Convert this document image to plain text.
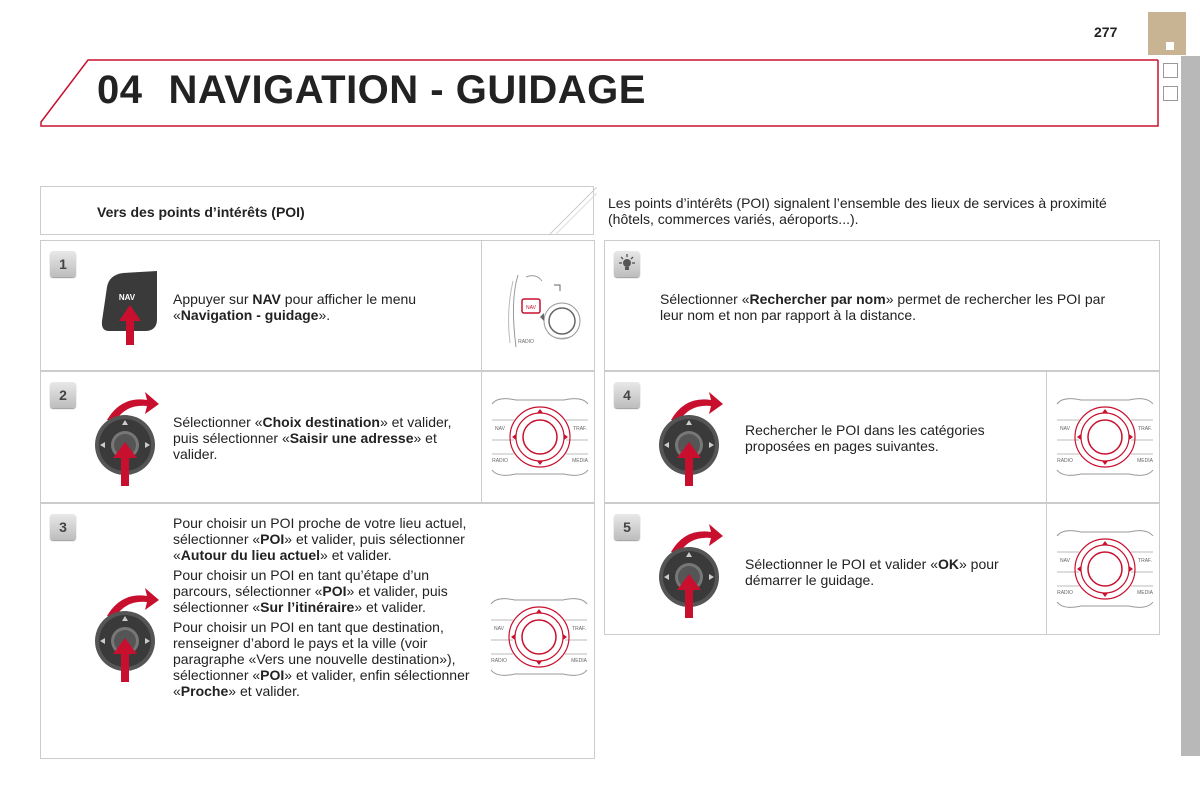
277
04 NAVIGATION - GUIDAGE
Vers des points d’intérêts (POI)
Les points d’intérêts (POI) signalent l’ensemble des lieux de services à proximité (hôtels, commerces variés, aéroports...).
1
NAV	Appuyer sur NAV pour afficher le menu «Navigation - guidage».	NAV
RADIO
2

Sélectionner «Choix destination» et valider, puis sélectionner «Saisir une adresse» et valider.

NAV	TRAF.
RADIO	MEDIA
3	Pour choisir un POI proche de votre lieu actuel, sélectionner «POI» et valider, puis sélectionner «Autour du lieu actuel» et valider.

Pour choisir un POI en tant qu’étape d’un parcours, sélectionner «POI» et valider, puis sélectionner «Sur l’itinéraire» et valider.

Pour choisir un POI en tant que destination, renseigner d’abord le pays et la ville (voir paragraphe «Vers une nouvelle destination»), sélectionner «POI» et valider, enfin sélectionner «Proche» et valider.

NAV	TRAF.
RADIO	MEDIA

Sélectionner «Rechercher par nom» permet de rechercher les POI par leur nom et non par rapport à la distance.

4

Rechercher le POI dans les catégories proposées en pages suivantes.

NAV	TRAF.
RADIO	MEDIA
5

Sélectionner le POI et valider «OK» pour démarrer le guidage.

NAV	TRAF.
RADIO	MEDIA
